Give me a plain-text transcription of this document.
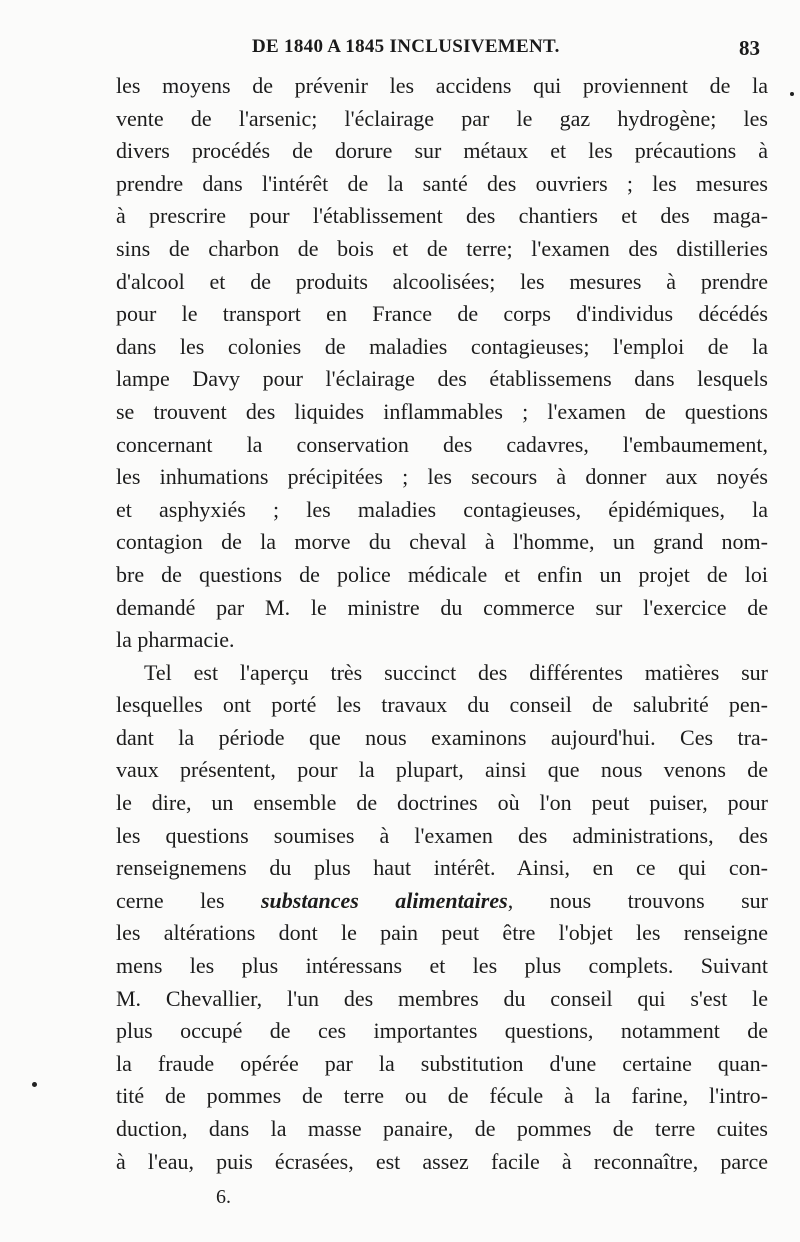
DE 1840 A 1845 INCLUSIVEMENT.	83
les moyens de prévenir les accidens qui proviennent de la
vente de l'arsenic; l'éclairage par le gaz hydrogène; les
divers procédés de dorure sur métaux et les précautions à
prendre dans l'intérêt de la santé des ouvriers ; les mesures
à prescrire pour l'établissement des chantiers et des maga-
sins de charbon de bois et de terre; l'examen des distilleries
d'alcool et de produits alcoolisées; les mesures à prendre
pour le transport en France de corps d'individus décédés
dans les colonies de maladies contagieuses; l'emploi de la
lampe Davy pour l'éclairage des établissemens dans lesquels
se trouvent des liquides inflammables ; l'examen de questions
concernant la conservation des cadavres, l'embaumement,
les inhumations précipitées ; les secours à donner aux noyés
et asphyxiés ; les maladies contagieuses, épidémiques, la
contagion de la morve du cheval à l'homme, un grand nom-
bre de questions de police médicale et enfin un projet de loi
demandé par M. le ministre du commerce sur l'exercice de
la pharmacie.
Tel est l'aperçu très succinct des différentes matières sur
lesquelles ont porté les travaux du conseil de salubrité pen-
dant la période que nous examinons aujourd'hui. Ces tra-
vaux présentent, pour la plupart, ainsi que nous venons de
le dire, un ensemble de doctrines où l'on peut puiser, pour
les questions soumises à l'examen des administrations, des
renseignemens du plus haut intérêt. Ainsi, en ce qui con-
cerne les substances alimentaires, nous trouvons sur
les altérations dont le pain peut être l'objet les renseigne
mens les plus intéressans et les plus complets. Suivant
M. Chevallier, l'un des membres du conseil qui s'est le
plus occupé de ces importantes questions, notamment de
la fraude opérée par la substitution d'une certaine quan-
tité de pommes de terre ou de fécule à la farine, l'intro-
duction, dans la masse panaire, de pommes de terre cuites
à l'eau, puis écrasées, est assez facile à reconnaître, parce
6.
